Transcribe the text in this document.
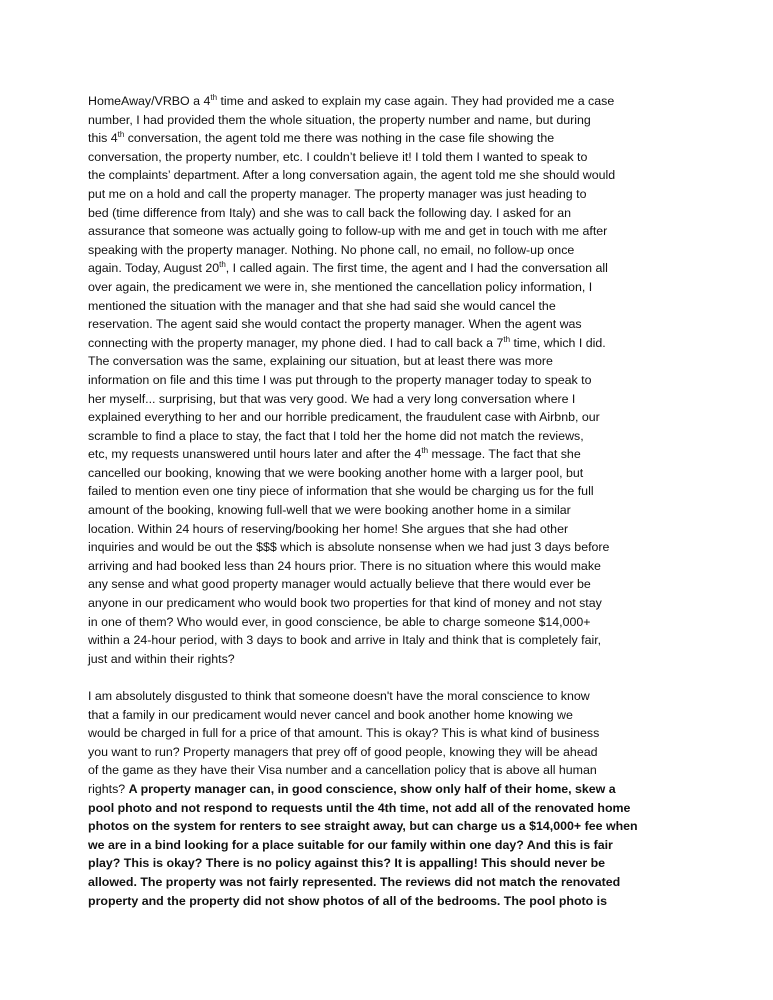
HomeAway/VRBO a 4th time and asked to explain my case again. They had provided me a case
number, I had provided them the whole situation, the property number and name, but during
this 4th conversation, the agent told me there was nothing in the case file showing the
conversation, the property number, etc. I couldn’t believe it! I told them I wanted to speak to
the complaints’ department. After a long conversation again, the agent told me she should would
put me on a hold and call the property manager. The property manager was just heading to
bed (time difference from Italy) and she was to call back the following day. I asked for an
assurance that someone was actually going to follow-up with me and get in touch with me after
speaking with the property manager. Nothing. No phone call, no email, no follow-up once
again. Today, August 20th, I called again. The first time, the agent and I had the conversation all
over again, the predicament we were in, she mentioned the cancellation policy information, I
mentioned the situation with the manager and that she had said she would cancel the
reservation. The agent said she would contact the property manager. When the agent was
connecting with the property manager, my phone died. I had to call back a 7th time, which I did.
The conversation was the same, explaining our situation, but at least there was more
information on file and this time I was put through to the property manager today to speak to
her myself... surprising, but that was very good. We had a very long conversation where I
explained everything to her and our horrible predicament, the fraudulent case with Airbnb, our
scramble to find a place to stay, the fact that I told her the home did not match the reviews,
etc, my requests unanswered until hours later and after the 4th message. The fact that she
cancelled our booking, knowing that we were booking another home with a larger pool, but
failed to mention even one tiny piece of information that she would be charging us for the full
amount of the booking, knowing full-well that we were booking another home in a similar
location. Within 24 hours of reserving/booking her home! She argues that she had other
inquiries and would be out the $$$ which is absolute nonsense when we had just 3 days before
arriving and had booked less than 24 hours prior. There is no situation where this would make
any sense and what good property manager would actually believe that there would ever be
anyone in our predicament who would book two properties for that kind of money and not stay
in one of them? Who would ever, in good conscience, be able to charge someone $14,000+
within a 24-hour period, with 3 days to book and arrive in Italy and think that is completely fair,
just and within their rights?
I am absolutely disgusted to think that someone doesn't have the moral conscience to know
that a family in our predicament would never cancel and book another home knowing we
would be charged in full for a price of that amount. This is okay? This is what kind of business
you want to run? Property managers that prey off of good people, knowing they will be ahead
of the game as they have their Visa number and a cancellation policy that is above all human
rights? A property manager can, in good conscience, show only half of their home, skew a
pool photo and not respond to requests until the 4th time, not add all of the renovated home
photos on the system for renters to see straight away, but can charge us a $14,000+ fee when
we are in a bind looking for a place suitable for our family within one day? And this is fair
play? This is okay? There is no policy against this? It is appalling! This should never be
allowed. The property was not fairly represented. The reviews did not match the renovated
property and the property did not show photos of all of the bedrooms. The pool photo is
